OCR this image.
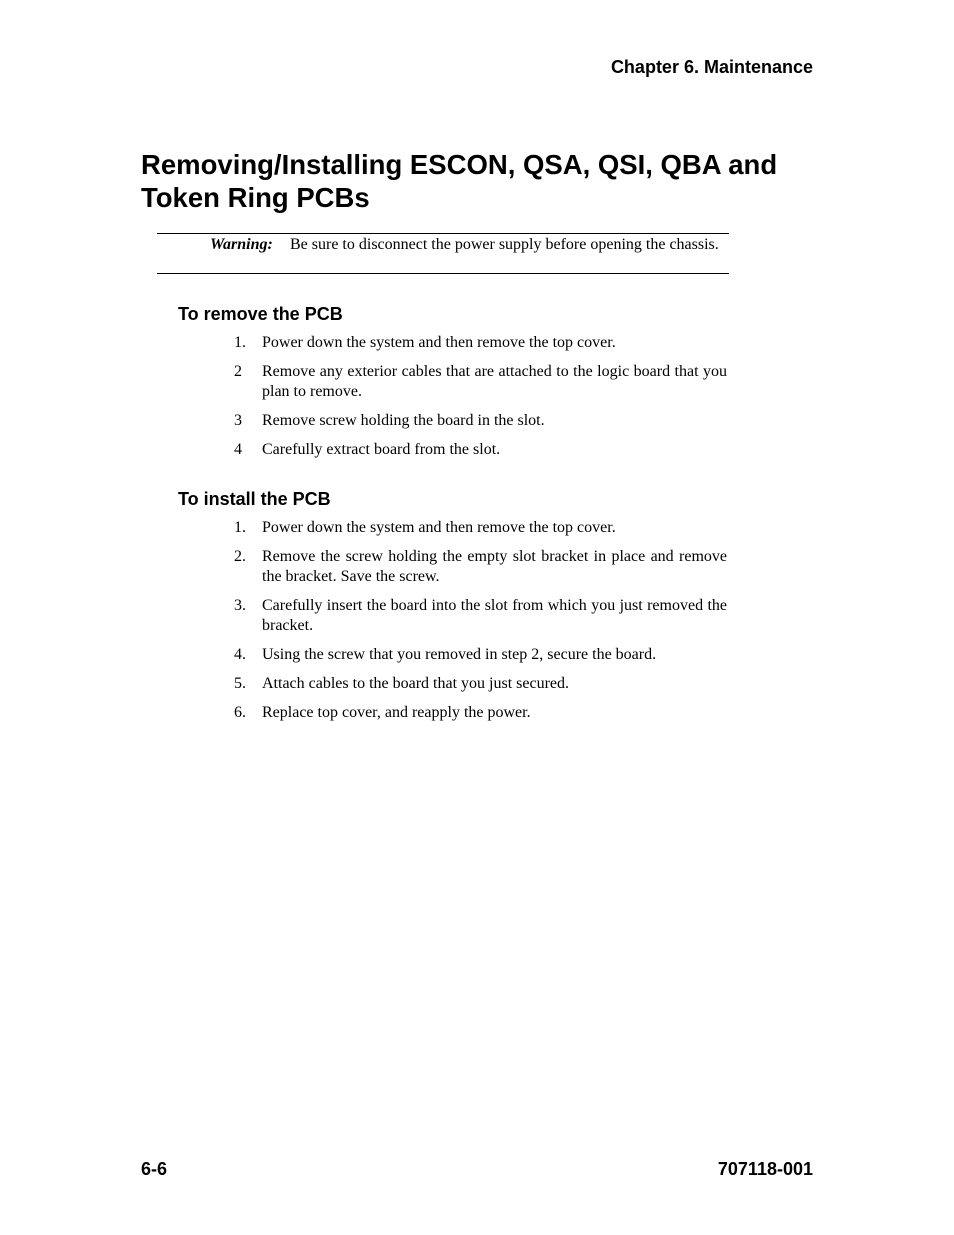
Chapter 6. Maintenance
Removing/Installing ESCON, QSA, QSI, QBA and Token Ring PCBs
Warning: Be sure to disconnect the power supply before opening the chassis.
To remove the PCB
1. Power down the system and then remove the top cover.
2 Remove any exterior cables that are attached to the logic board that you plan to remove.
3 Remove screw holding the board in the slot.
4 Carefully extract board from the slot.
To install the PCB
1. Power down the system and then remove the top cover.
2. Remove the screw holding the empty slot bracket in place and remove the bracket. Save the screw.
3. Carefully insert the board into the slot from which you just removed the bracket.
4. Using the screw that you removed in step 2, secure the board.
5. Attach cables to the board that you just secured.
6. Replace top cover, and reapply the power.
6-6	707118-001
